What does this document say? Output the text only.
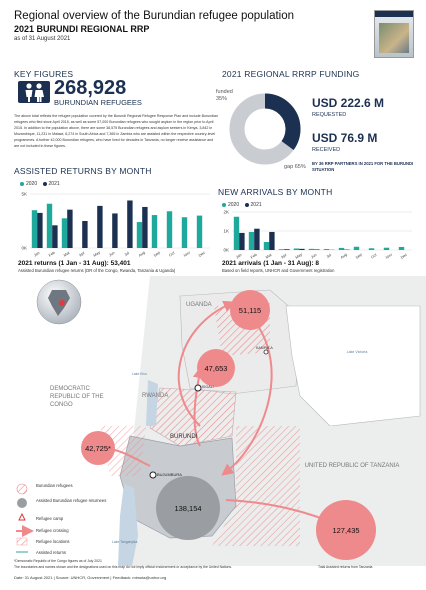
Regional overview of the Burundian refugee population
2021 BURUNDI REGIONAL RRP
as of 31 August 2021
KEY FIGURES
268,928
BURUNDIAN REFUGEES
The above total reflects the refugee population covered by the Burundi Regional Refugee Response Plan and include Burundian refugees who fled since April 2015, as well as some 57,000 Burundian refugees who sought asylum in the region prior to April 2015. In addition to the population above, there are some 38,575 Burundian refugees and asylum seekers in Kenya, 3,842 in Mozambique, 11,231 in Malawi, 6,274 in South Africa and 7,365 in Zambia who are assisted within the respective country-level programmes. A further 42,000 Burundian refugees, who have lived for decades in Tanzania, no longer receive assistance and are not included in these figures.
2021 REGIONAL RRRP FUNDING
funded
35%
gap 65%
USD 222.6 M
REQUESTED
USD 76.9 M
RECEIVED
BY 36 RRP PARTNERS IN 2021 FOR THE BURUNDI SITUATION
ASSISTED RETURNS BY MONTH
2020 2021
5K
0K
Jan Feb Mar Apr May Jun Jul Aug Sep Oct Nov Dec
2021 returns (1 Jan - 31 Aug): 53,401
Assisted Burundian refugee returns (DR of the Congo, Rwanda, Tanzania & Uganda)
NEW ARRIVALS BY MONTH
2020 2021
2K
1K
0K
Jan Feb Mar Apr May Jun Jul Aug Sep Oct Nov Dec
2021 arrivals (1 Jan - 31 Aug): 8
Based on field reports, UNHCR and Government registration
UGANDA
RWANDA
DEMOCRATIC REPUBLIC OF THE CONGO
BURUNDI
UNITED REPUBLIC OF TANZANIA
KAMPALA
KIGALI
BUJUMBURA
Lake Victoria
Lake Tanganyika
Lake Kivu
51,115
47,653
42,725*
138,154
127,435
Burundian refugees
Assisted Burundian refugee returnees
Refugee camp
Refugee crossing
Refugee locations
Assisted returns
*Democratic Republic of the Congo figures as of July 2021
The boundaries and names shown and the designations used on this map do not imply official endorsement or acceptance by the United Nations.	Total Assisted returns from Tanzania
Date: 31 August 2021 | Source: UNHCR, Government | Feedback: mimuta@unhcr.org
